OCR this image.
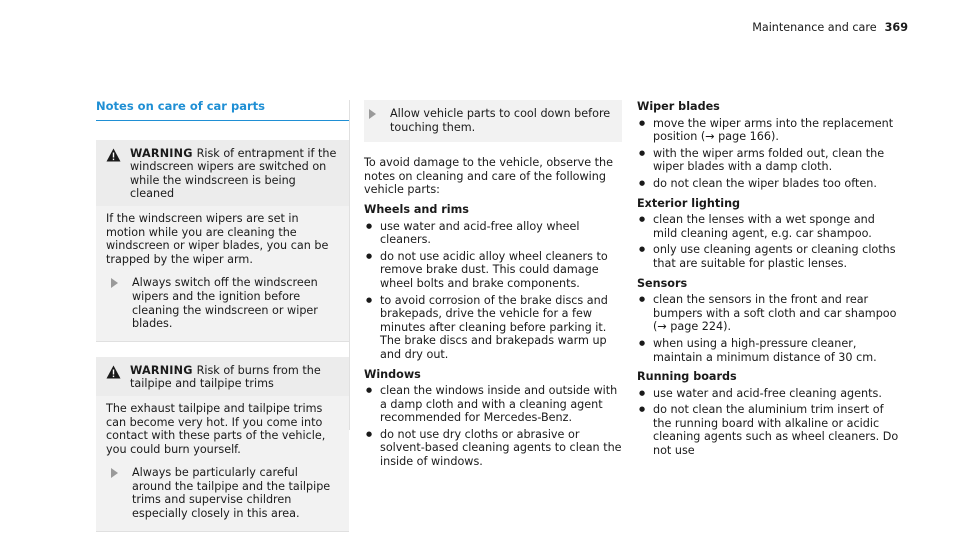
Maintenance and care 369
Notes on care of car parts
WARNING Risk of entrapment if the windscreen wipers are switched on while the windscreen is being cleaned

If the windscreen wipers are set in motion while you are cleaning the windscreen or wiper blades, you can be trapped by the wiper arm.

Always switch off the windscreen wipers and the ignition before cleaning the windscreen or wiper blades.
WARNING Risk of burns from the tailpipe and tailpipe trims

The exhaust tailpipe and tailpipe trims can become very hot. If you come into contact with these parts of the vehicle, you could burn yourself.

Always be particularly careful around the tailpipe and the tailpipe trims and supervise children especially closely in this area.
Allow vehicle parts to cool down before touching them.

To avoid damage to the vehicle, observe the notes on cleaning and care of the following vehicle parts:

Wheels and rims

● use water and acid-free alloy wheel cleaners.
● do not use acidic alloy wheel cleaners to remove brake dust. This could damage wheel bolts and brake components.
● to avoid corrosion of the brake discs and brakepads, drive the vehicle for a few minutes after cleaning before parking it. The brake discs and brakepads warm up and dry out.

Windows

● clean the windows inside and outside with a damp cloth and with a cleaning agent recommended for Mercedes-Benz.
● do not use dry cloths or abrasive or solvent-based cleaning agents to clean the inside of windows.

Wiper blades

● move the wiper arms into the replacement position (→ page 166).
● with the wiper arms folded out, clean the wiper blades with a damp cloth.
● do not clean the wiper blades too often.

Exterior lighting

● clean the lenses with a wet sponge and mild cleaning agent, e.g. car shampoo.
● only use cleaning agents or cleaning cloths that are suitable for plastic lenses.

Sensors

● clean the sensors in the front and rear bumpers with a soft cloth and car shampoo (→ page 224).
● when using a high-pressure cleaner, maintain a minimum distance of 30 cm.

Running boards

● use water and acid-free cleaning agents.
● do not clean the aluminium trim insert of the running board with alkaline or acidic cleaning agents such as wheel cleaners. Do not use
